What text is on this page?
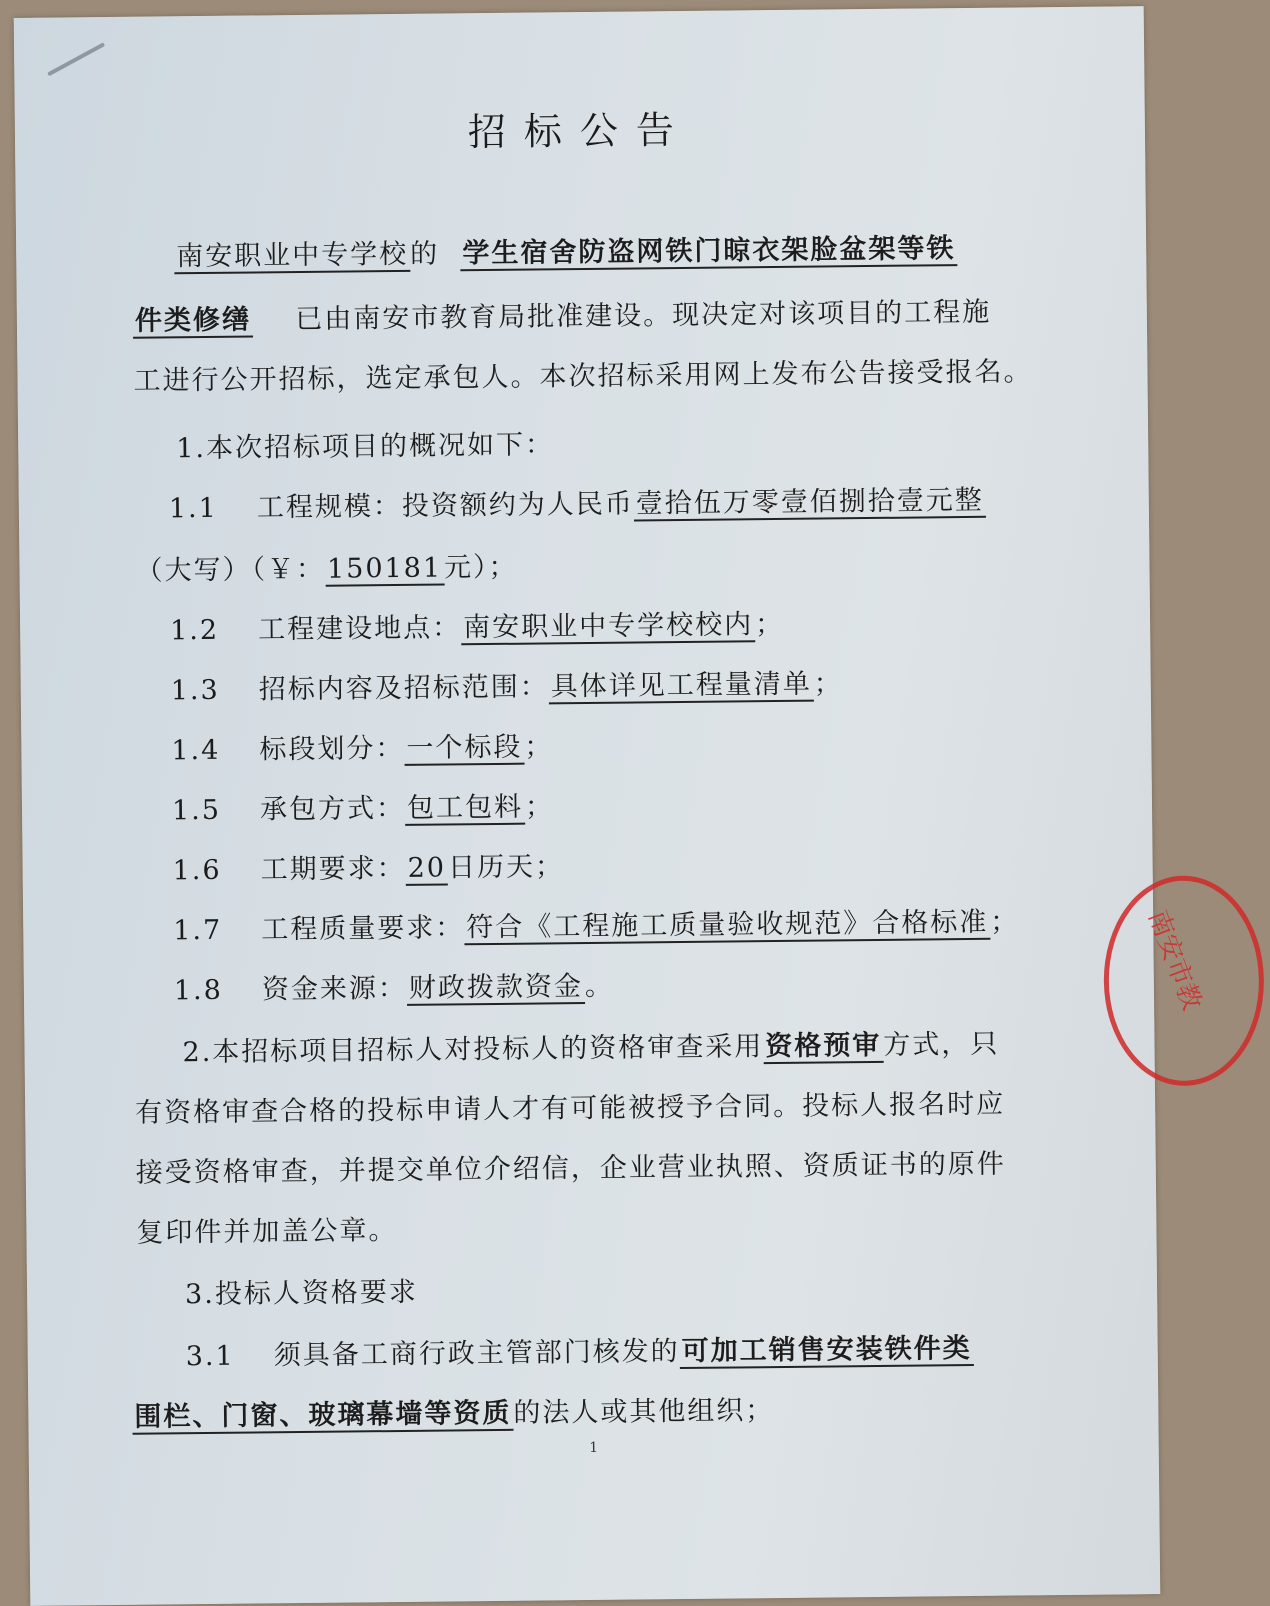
招标公告
南安职业中专学校的 学生宿舍防盗网铁门晾衣架脸盆架等铁
件类修缮 已由南安市教育局批准建设。现决定对该项目的工程施
工进行公开招标，选定承包人。本次招标采用网上发布公告接受报名。
1.本次招标项目的概况如下：
1.1 工程规模：投资额约为人民币壹拾伍万零壹佰捌拾壹元整
（大写）（￥：150181元）；
1.2 工程建设地点：南安职业中专学校校内；
1.3 招标内容及招标范围：具体详见工程量清单；
1.4 标段划分：一个标段；
1.5 承包方式：包工包料；
1.6 工期要求：20日历天；
1.7 工程质量要求：符合《工程施工质量验收规范》合格标准；
1.8 资金来源：财政拨款资金。
2.本招标项目招标人对投标人的资格审查采用资格预审方式，只
有资格审查合格的投标申请人才有可能被授予合同。投标人报名时应
接受资格审查，并提交单位介绍信，企业营业执照、资质证书的原件
复印件并加盖公章。
3.投标人资格要求
3.1 须具备工商行政主管部门核发的可加工销售安装铁件类
围栏、门窗、玻璃幕墙等资质的法人或其他组织；
1
南安市教
